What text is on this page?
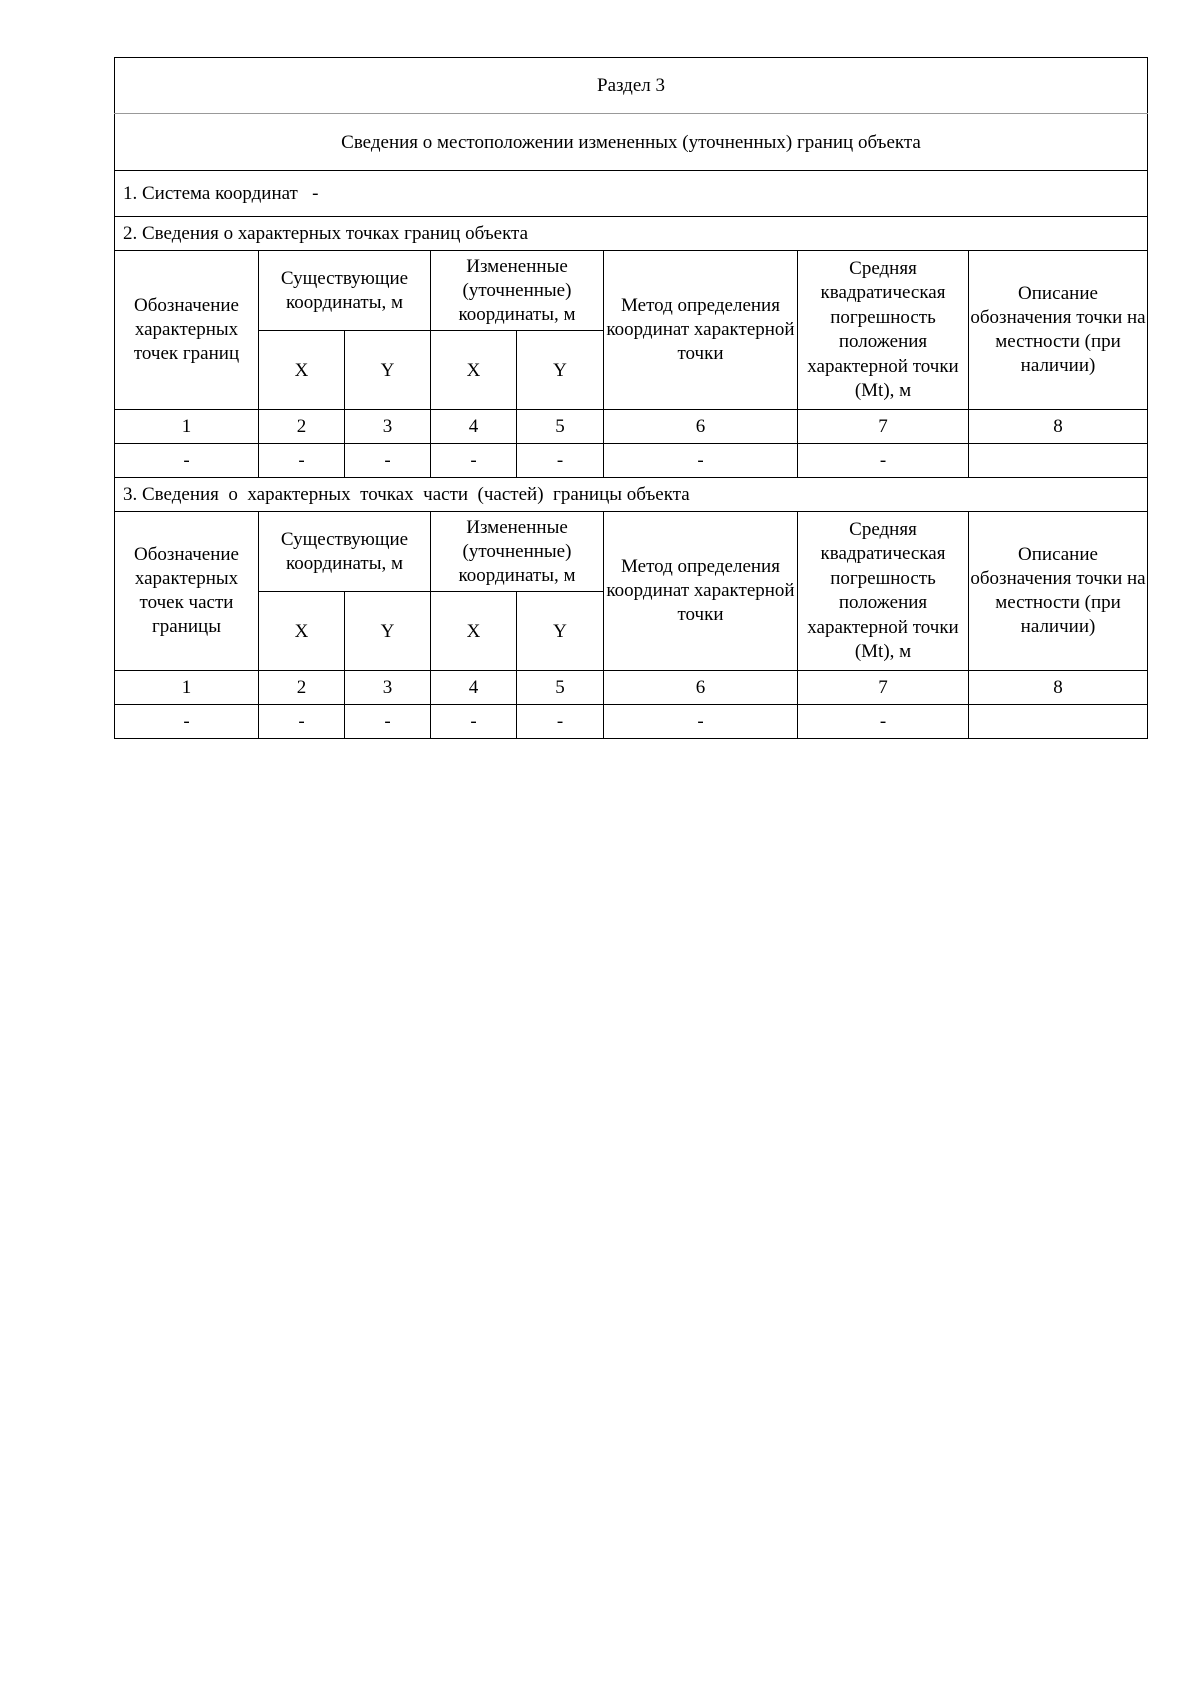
Раздел 3							
Сведения о местоположении измененных (уточненных) границ объекта							
1. Система координат -							
2. Сведения о характерных точках границ объекта							
Обозначение характерных точек границ	Существующие координаты, м		Измененные (уточненные) координаты, м		Метод определения координат характерной точки	Средняя квадратическая погрешность положения характерной точки (Mt), м	Описание обозначения точки на местности (при наличии)
	X	Y	X	Y			
1	2	3	4	5	6	7	8
-	-	-	-	-	-	-	
3. Сведения  о  характерных  точках  части  (частей)  границы объекта							
Обозначение характерных точек части границы	Существующие координаты, м		Измененные (уточненные) координаты, м		Метод определения координат характерной точки	Средняя квадратическая погрешность положения характерной точки (Mt), м	Описание обозначения точки на местности (при наличии)
	X	Y	X	Y			
1	2	3	4	5	6	7	8
-	-	-	-	-	-	-	
